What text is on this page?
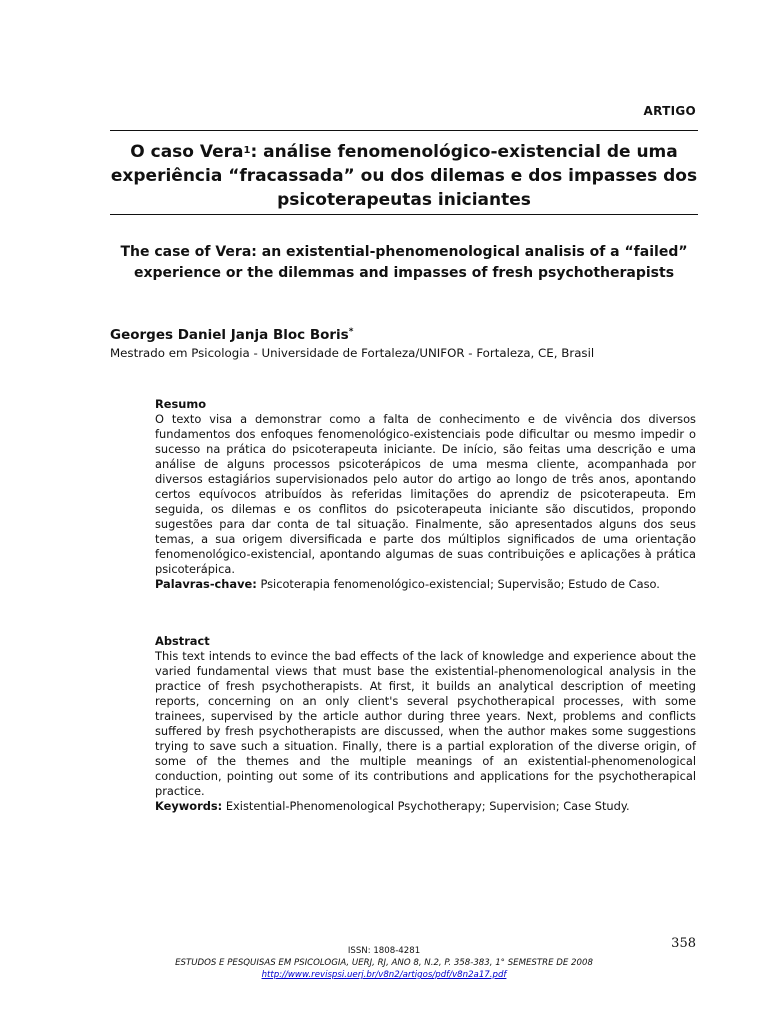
ARTIGO
O caso Vera$^1$: análise fenomenológico-existencial de uma experiência “fracassada” ou dos dilemas e dos impasses dos psicoterapeutas iniciantes
The case of Vera: an existential-phenomenological analisis of a “failed” experience or the dilemmas and impasses of fresh psychotherapists
Georges Daniel Janja Bloc Boris*
Mestrado em Psicologia - Universidade de Fortaleza/UNIFOR - Fortaleza, CE, Brasil
Resumo

O texto visa a demonstrar como a falta de conhecimento e de vivência dos diversos fundamentos dos enfoques fenomenológico-existenciais pode dificultar ou mesmo impedir o sucesso na prática do psicoterapeuta iniciante. De início, são feitas uma descrição e uma análise de alguns processos psicoterápicos de uma mesma cliente, acompanhada por diversos estagiários supervisionados pelo autor do artigo ao longo de três anos, apontando certos equívocos atribuídos às referidas limitações do aprendiz de psicoterapeuta. Em seguida, os dilemas e os conflitos do psicoterapeuta iniciante são discutidos, propondo sugestões para dar conta de tal situação. Finalmente, são apresentados alguns dos seus temas, a sua origem diversificada e parte dos múltiplos significados de uma orientação fenomenológico-existencial, apontando algumas de suas contribuições e aplicações à prática psicoterápica.

Palavras-chave: Psicoterapia fenomenológico-existencial; Supervisão; Estudo de Caso.

Abstract

This text intends to evince the bad effects of the lack of knowledge and experience about the varied fundamental views that must base the existential-phenomenological analysis in the practice of fresh psychotherapists. At first, it builds an analytical description of meeting reports, concerning on an only client's several psychotherapical processes, with some trainees, supervised by the article author during three years. Next, problems and conflicts suffered by fresh psychotherapists are discussed, when the author makes some suggestions trying to save such a situation. Finally, there is a partial exploration of the diverse origin, of some of the themes and the multiple meanings of an existential-phenomenological conduction, pointing out some of its contributions and applications for the psychotherapical practice.

Keywords: Existential-Phenomenological Psychotherapy; Supervision; Case Study.

358
ISSN: 1808-4281
ESTUDOS E PESQUISAS EM PSICOLOGIA, UERJ, RJ, ANO 8, N.2, P. 358-383, 1° SEMESTRE DE 2008
http://www.revispsi.uerj.br/v8n2/artigos/pdf/v8n2a17.pdf
